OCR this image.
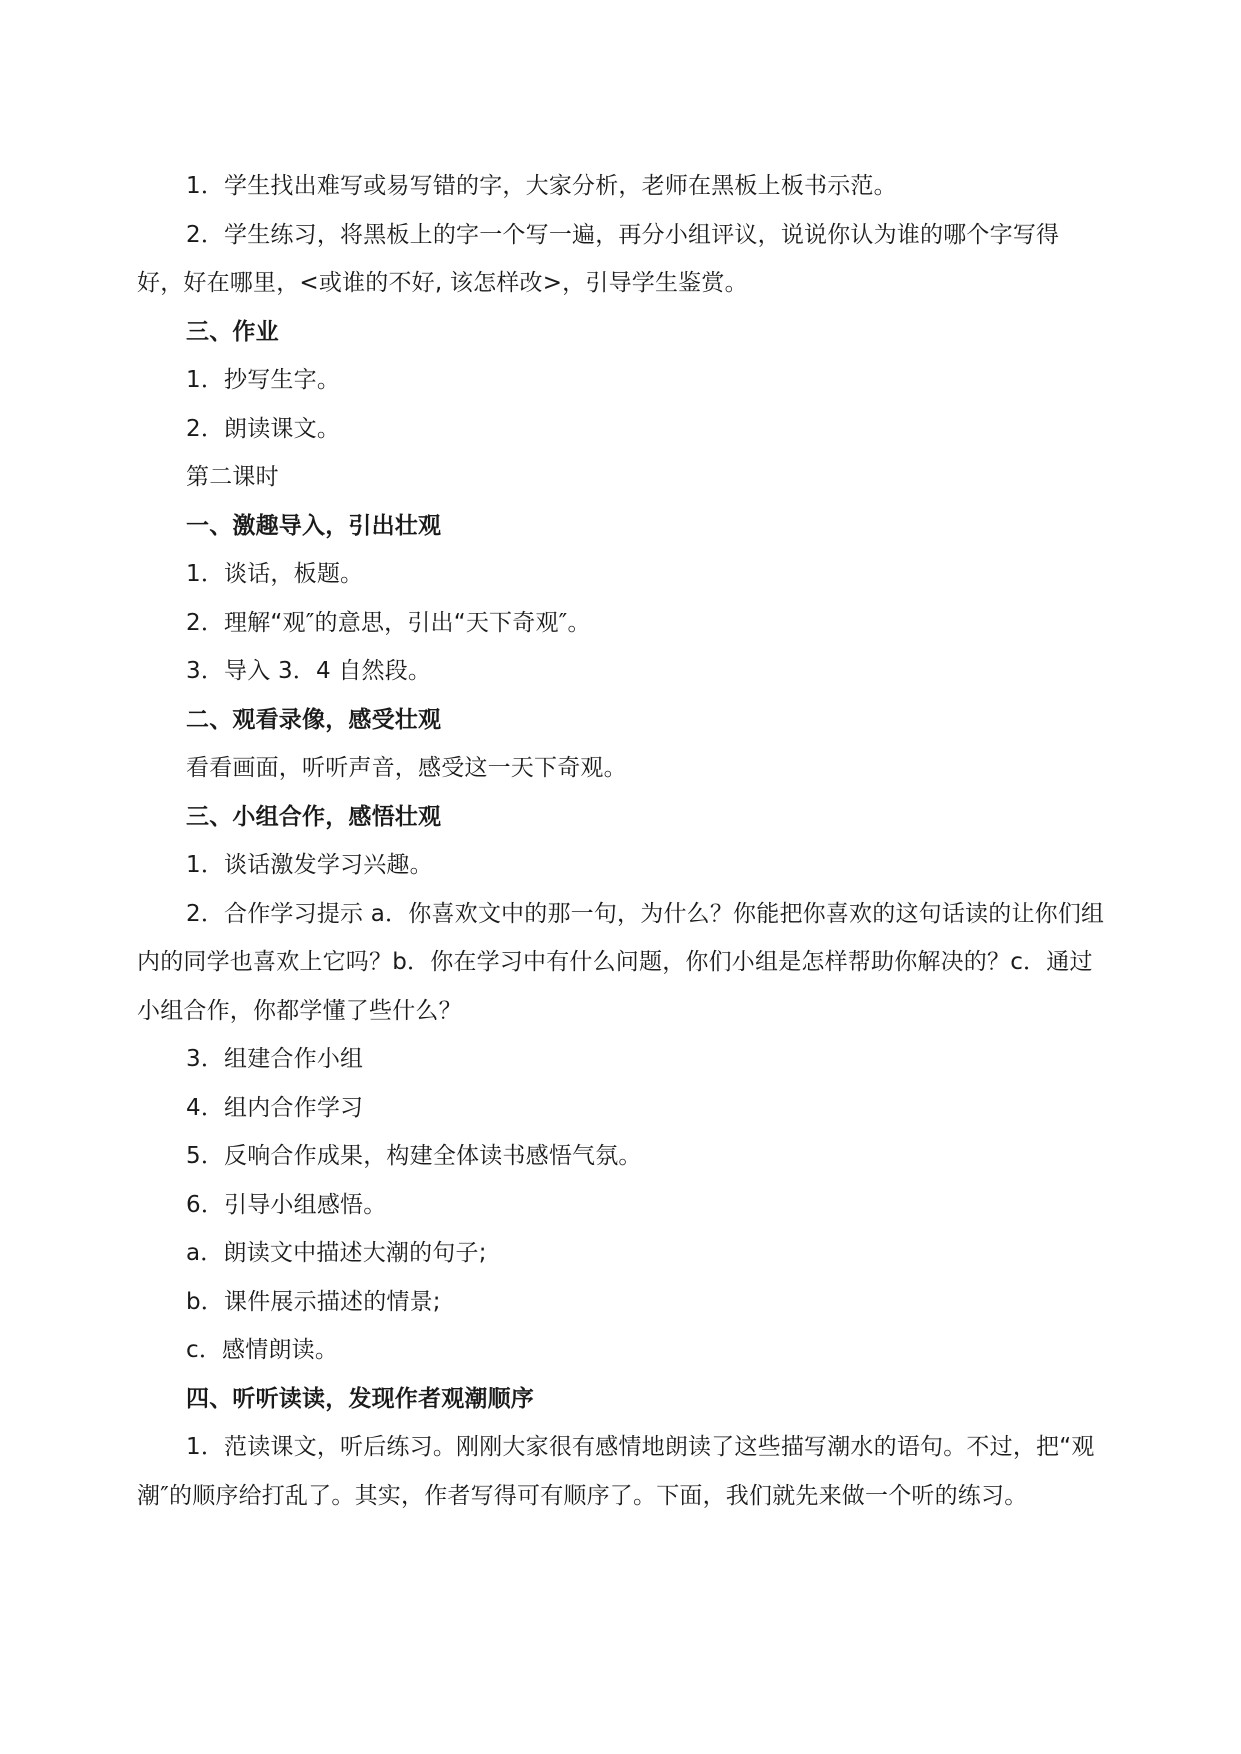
1．学生找出难写或易写错的字，大家分析，老师在黑板上板书示范。

2．学生练习，将黑板上的字一个写一遍，再分小组评议，说说你认为谁的哪个字写得好，好在哪里，<或谁的不好, 该怎样改>，引导学生鉴赏。

三、作业

1．抄写生字。

2．朗读课文。

第二课时

一、激趣导入，引出壮观

1．谈话，板题。

2．理解“观″的意思，引出“天下奇观″。

3．导入 3．4 自然段。

二、观看录像，感受壮观

看看画面，听听声音，感受这一天下奇观。

三、小组合作，感悟壮观

1．谈话激发学习兴趣。

2．合作学习提示 a．你喜欢文中的那一句，为什么？你能把你喜欢的这句话读的让你们组内的同学也喜欢上它吗？b．你在学习中有什么问题，你们小组是怎样帮助你解决的？c．通过小组合作，你都学懂了些什么？

3．组建合作小组

4．组内合作学习

5．反响合作成果，构建全体读书感悟气氛。

6．引导小组感悟。

a．朗读文中描述大潮的句子;

b．课件展示描述的情景;

c．感情朗读。

四、听听读读，发现作者观潮顺序

1．范读课文，听后练习。刚刚大家很有感情地朗读了这些描写潮水的语句。不过，把“观潮″的顺序给打乱了。其实，作者写得可有顺序了。下面，我们就先来做一个听的练习。
